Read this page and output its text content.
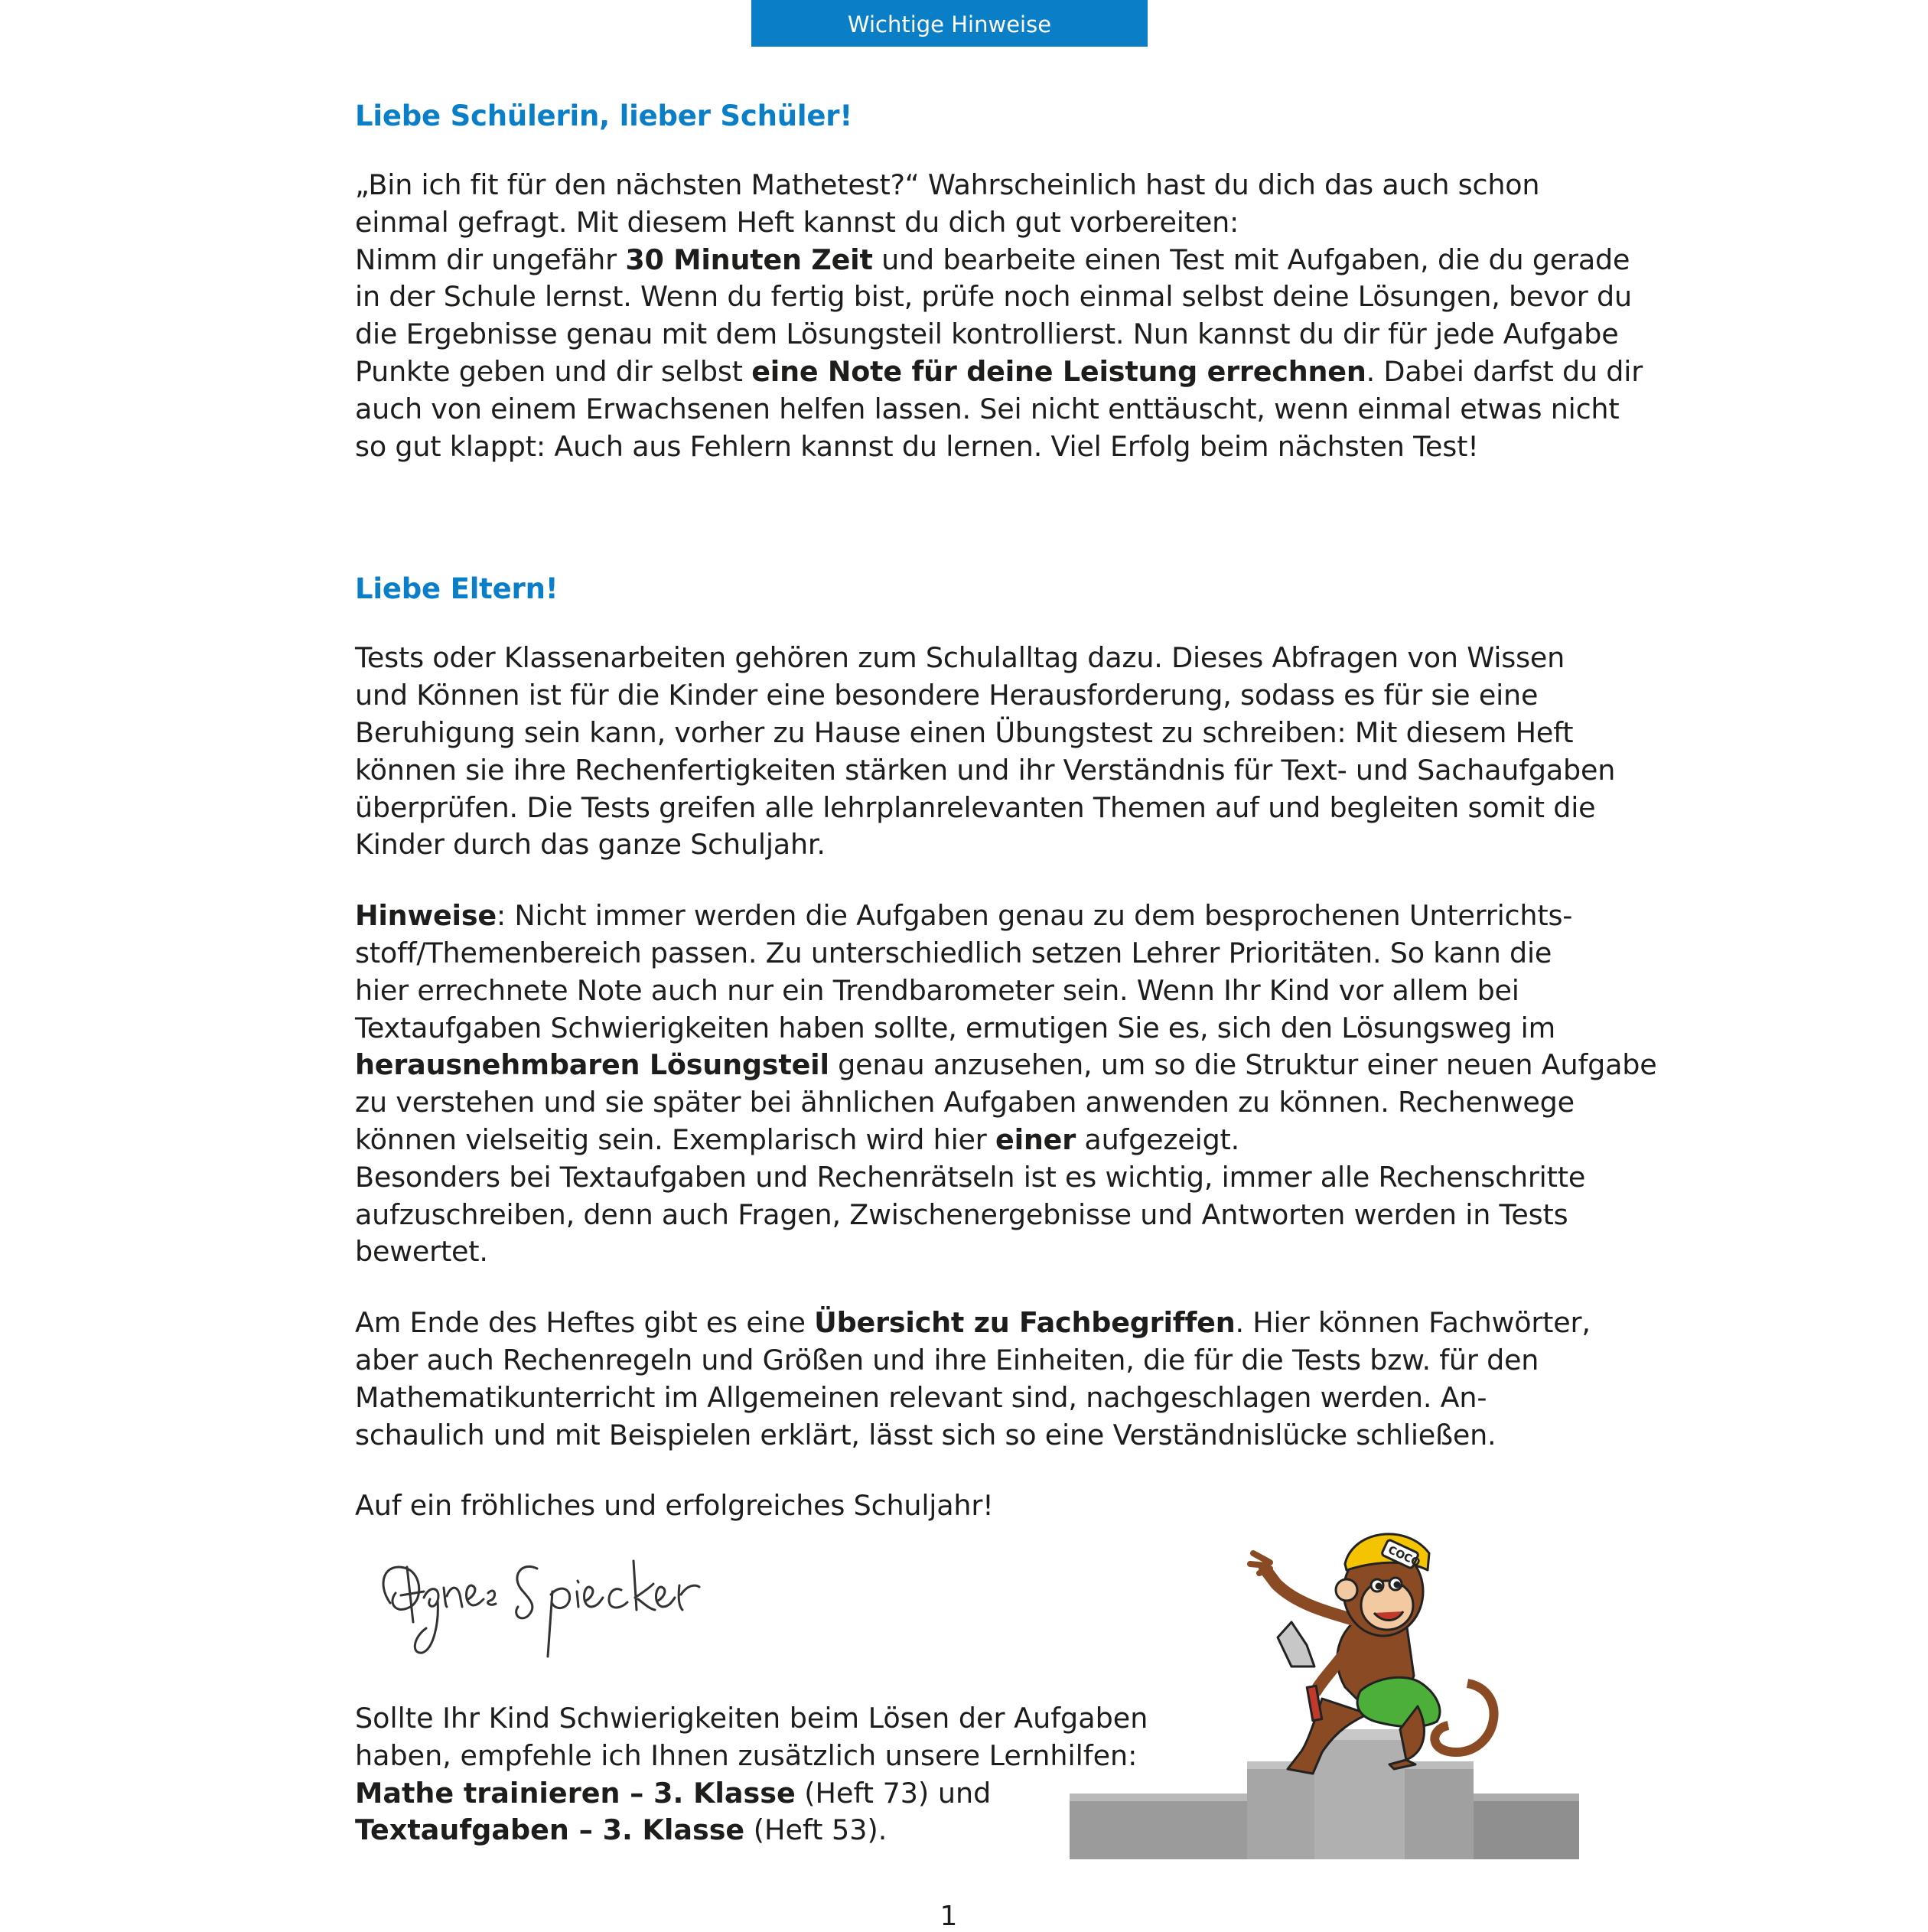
Wichtige Hinweise
Liebe Schülerin, lieber Schüler!

„Bin ich fit für den nächsten Mathetest?“ Wahrscheinlich hast du dich das auch schon
einmal gefragt. Mit diesem Heft kannst du dich gut vorbereiten:
Nimm dir ungefähr 30 Minuten Zeit und bearbeite einen Test mit Aufgaben, die du gerade
in der Schule lernst. Wenn du fertig bist, prüfe noch einmal selbst deine Lösungen, bevor du
die Ergebnisse genau mit dem Lösungsteil kontrollierst. Nun kannst du dir für jede Aufgabe
Punkte geben und dir selbst eine Note für deine Leistung errechnen. Dabei darfst du dir
auch von einem Erwachsenen helfen lassen. Sei nicht enttäuscht, wenn einmal etwas nicht
so gut klappt: Auch aus Fehlern kannst du lernen. Viel Erfolg beim nächsten Test!

Liebe Eltern!

Tests oder Klassenarbeiten gehören zum Schulalltag dazu. Dieses Abfragen von Wissen
und Können ist für die Kinder eine besondere Herausforderung, sodass es für sie eine
Beruhigung sein kann, vorher zu Hause einen Übungstest zu schreiben: Mit diesem Heft
können sie ihre Rechenfertigkeiten stärken und ihr Verständnis für Text- und Sachaufgaben
überprüfen. Die Tests greifen alle lehrplanrelevanten Themen auf und begleiten somit die
Kinder durch das ganze Schuljahr.

Hinweise: Nicht immer werden die Aufgaben genau zu dem besprochenen Unterrichts-
stoff/Themenbereich passen. Zu unterschiedlich setzen Lehrer Prioritäten. So kann die
hier errechnete Note auch nur ein Trendbarometer sein. Wenn Ihr Kind vor allem bei
Textaufgaben Schwierigkeiten haben sollte, ermutigen Sie es, sich den Lösungsweg im
herausnehmbaren Lösungsteil genau anzusehen, um so die Struktur einer neuen Aufgabe
zu verstehen und sie später bei ähnlichen Aufgaben anwenden zu können. Rechenwege
können vielseitig sein. Exemplarisch wird hier einer aufgezeigt.
Besonders bei Textaufgaben und Rechenrätseln ist es wichtig, immer alle Rechenschritte
aufzuschreiben, denn auch Fragen, Zwischenergebnisse und Antworten werden in Tests
bewertet.

Am Ende des Heftes gibt es eine Übersicht zu Fachbegriffen. Hier können Fachwörter,
aber auch Rechenregeln und Größen und ihre Einheiten, die für die Tests bzw. für den
Mathematikunterricht im Allgemeinen relevant sind, nachgeschlagen werden. An-
schaulich und mit Beispielen erklärt, lässt sich so eine Verständnislücke schließen.

Auf ein fröhliches und erfolgreiches Schuljahr!

Sollte Ihr Kind Schwierigkeiten beim Lösen der Aufgaben
haben, empfehle ich Ihnen zusätzlich unsere Lernhilfen:
Mathe trainieren – 3. Klasse (Heft 73) und
Textaufgaben – 3. Klasse (Heft 53).
COCO
1
